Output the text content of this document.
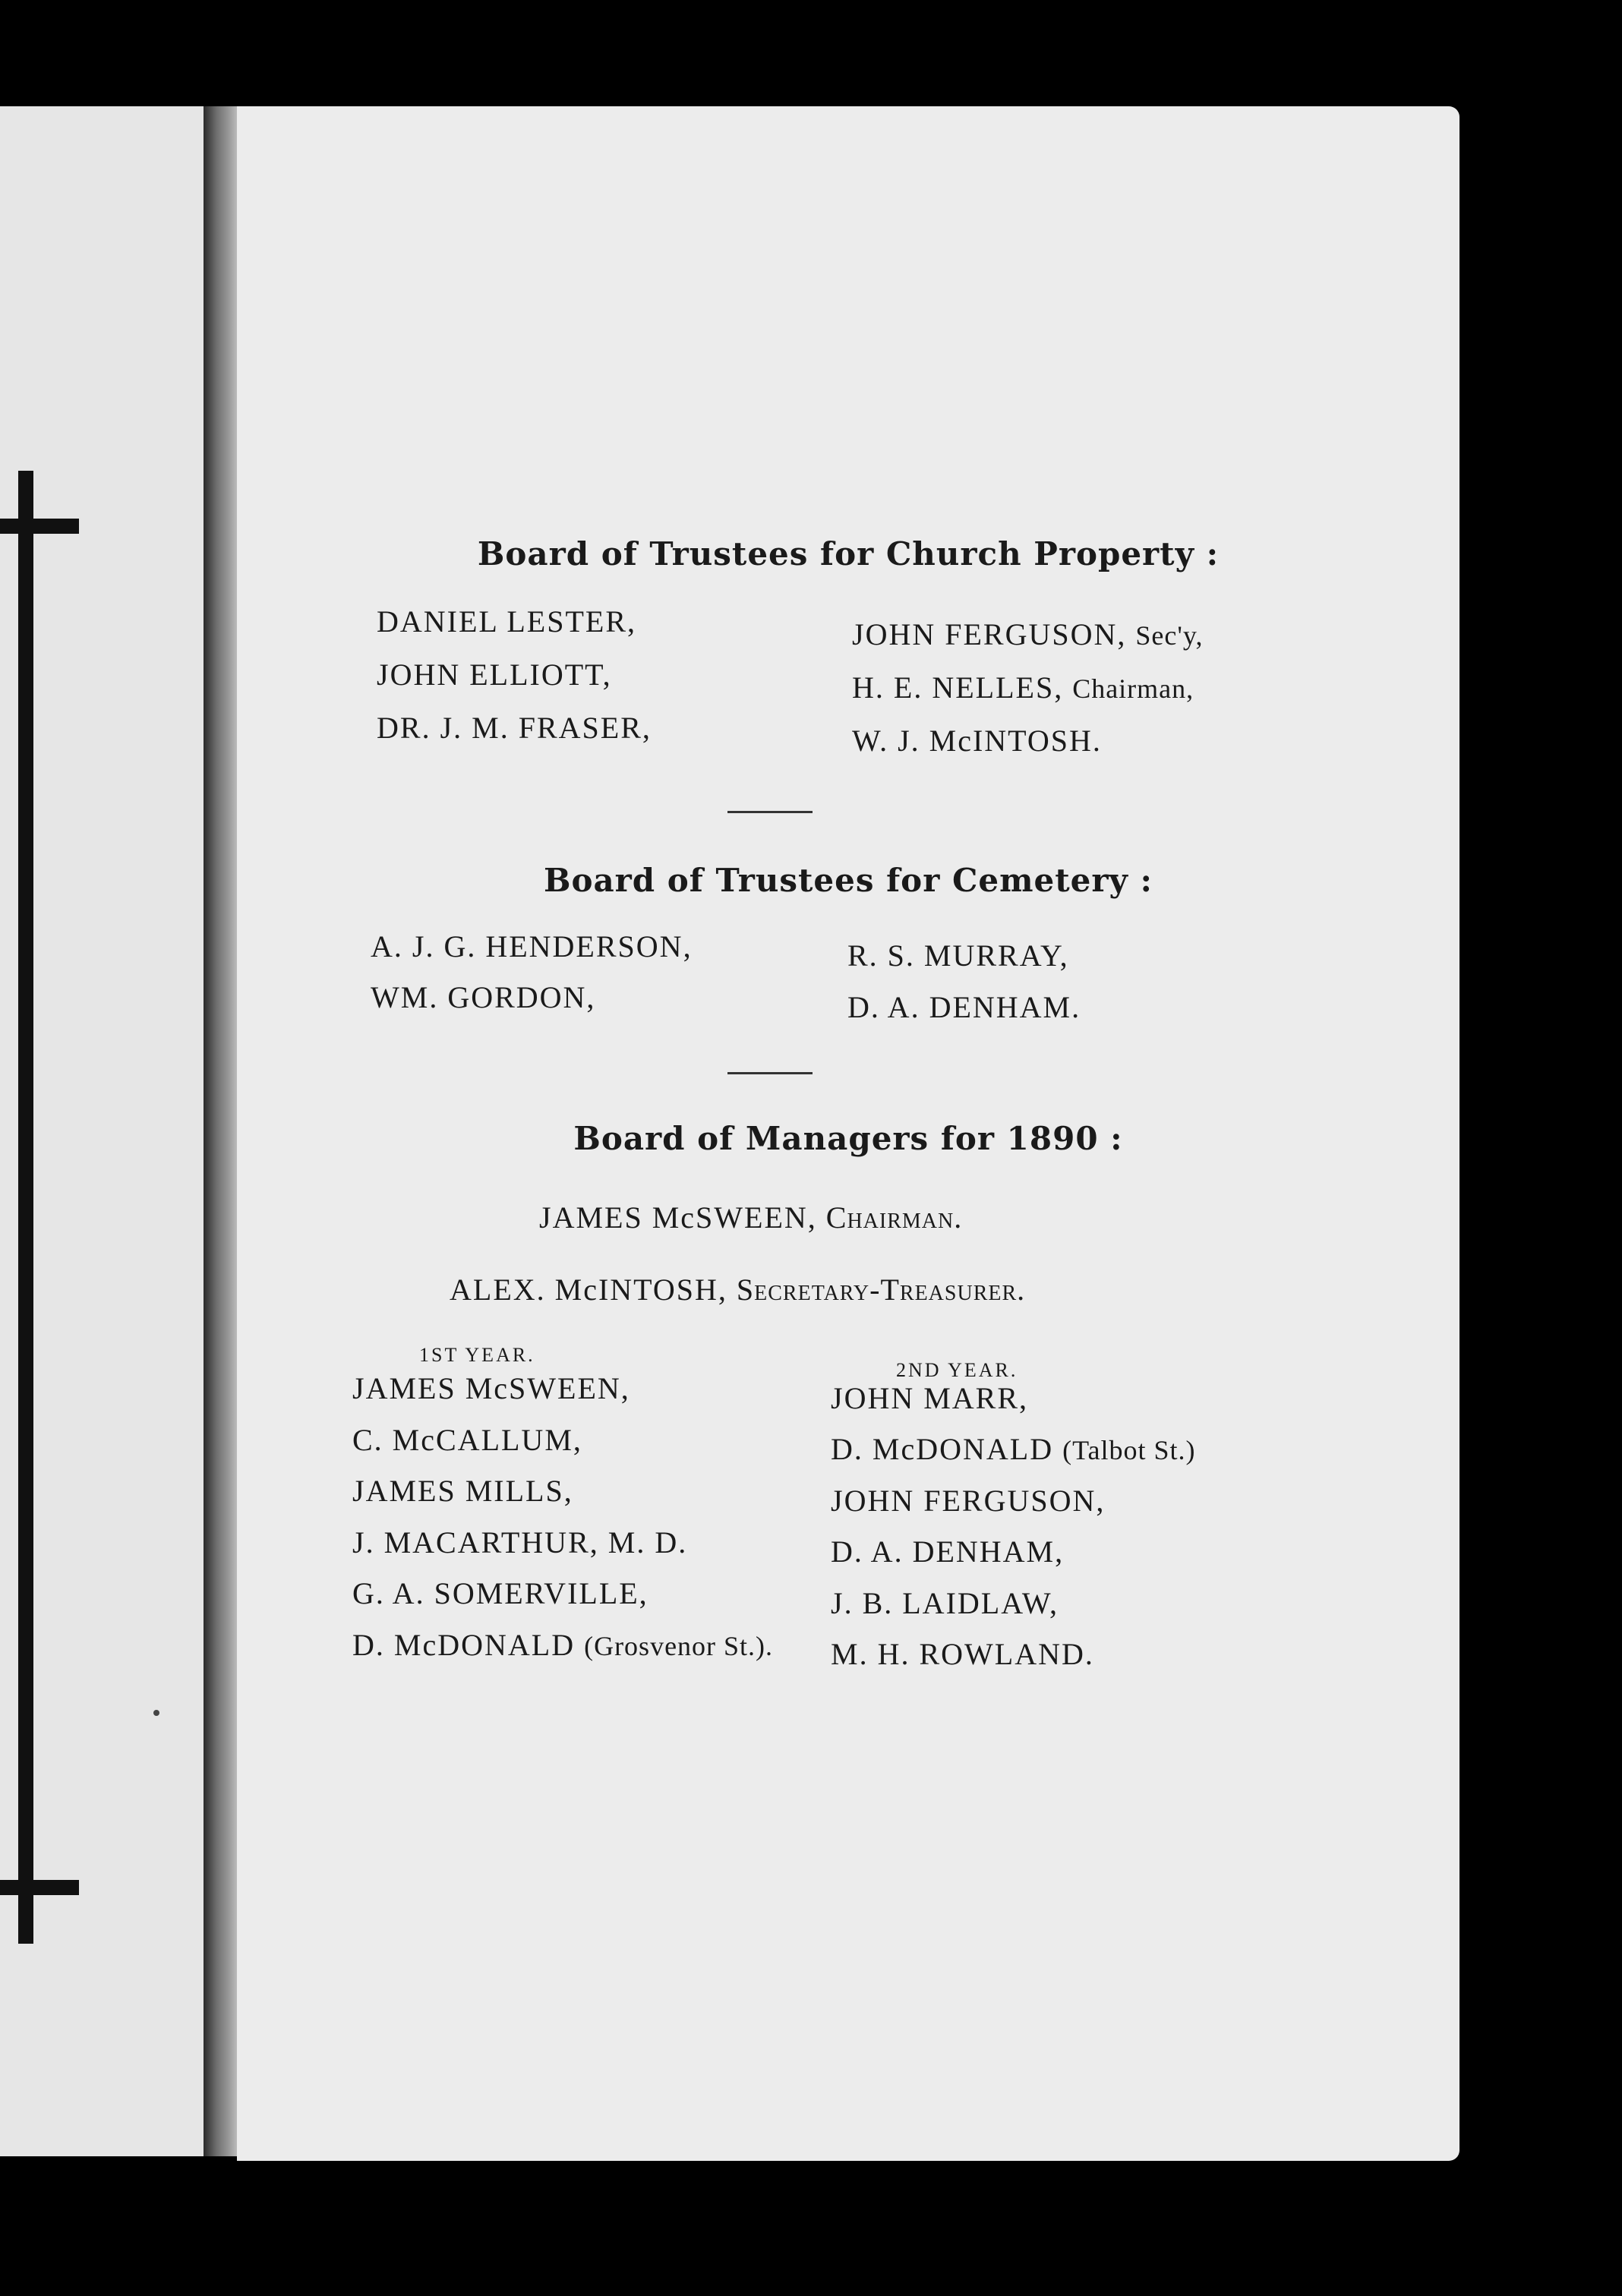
Board of Trustees for Church Property :
DANIEL LESTER,
JOHN ELLIOTT,
DR. J. M. FRASER,
JOHN FERGUSON, Sec'y,
H. E. NELLES, Chairman,
W. J. McINTOSH.
Board of Trustees for Cemetery :
A. J. G. HENDERSON,
WM. GORDON,
R. S. MURRAY,
D. A. DENHAM.
Board of Managers for 1890 :
JAMES McSWEEN, Chairman.
ALEX. McINTOSH, Secretary-Treasurer.
1ST YEAR.
2ND YEAR.
JAMES McSWEEN,
C. McCALLUM,
JAMES MILLS,
J. MACARTHUR, M. D.
G. A. SOMERVILLE,
D. McDONALD (Grosvenor St.).
JOHN MARR,
D. McDONALD (Talbot St.)
JOHN FERGUSON,
D. A. DENHAM,
J. B. LAIDLAW,
M. H. ROWLAND.
